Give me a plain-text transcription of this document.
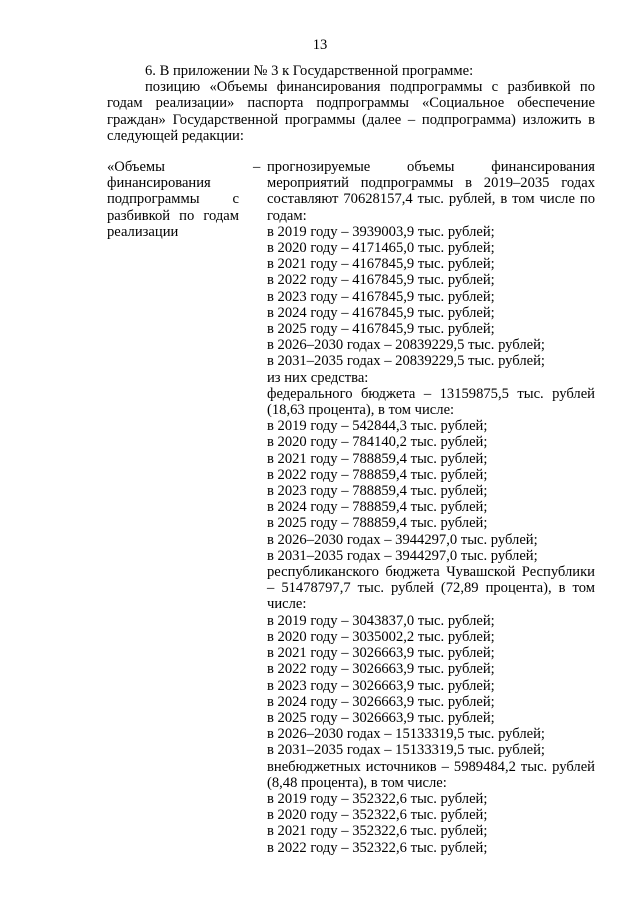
13

6. В приложении № 3 к Государственной программе:

позицию «Объемы финансирования подпрограммы с разбивкой по годам реализации» паспорта подпрограммы «Социальное обеспечение граждан» Государственной программы (далее – подпрограмма) изложить в следующей редакции:

«Объемы финансирования подпрограммы с разбивкой по годам реализации
– прогнозируемые объемы финансирования мероприятий подпрограммы в 2019–2035 годах составляют 70628157,4 тыс. рублей, в том числе по годам:
в 2019 году – 3939003,9 тыс. рублей;
в 2020 году – 4171465,0 тыс. рублей;
в 2021 году – 4167845,9 тыс. рублей;
в 2022 году – 4167845,9 тыс. рублей;
в 2023 году – 4167845,9 тыс. рублей;
в 2024 году – 4167845,9 тыс. рублей;
в 2025 году – 4167845,9 тыс. рублей;
в 2026–2030 годах – 20839229,5 тыс. рублей;
в 2031–2035 годах – 20839229,5 тыс. рублей;
из них средства:
федерального бюджета – 13159875,5 тыс. рублей (18,63 процента), в том числе:
в 2019 году – 542844,3 тыс. рублей;
в 2020 году – 784140,2 тыс. рублей;
в 2021 году – 788859,4 тыс. рублей;
в 2022 году – 788859,4 тыс. рублей;
в 2023 году – 788859,4 тыс. рублей;
в 2024 году – 788859,4 тыс. рублей;
в 2025 году – 788859,4 тыс. рублей;
в 2026–2030 годах – 3944297,0 тыс. рублей;
в 2031–2035 годах – 3944297,0 тыс. рублей;
республиканского бюджета Чувашской Республики – 51478797,7 тыс. рублей (72,89 процента), в том числе:
в 2019 году – 3043837,0 тыс. рублей;
в 2020 году – 3035002,2 тыс. рублей;
в 2021 году – 3026663,9 тыс. рублей;
в 2022 году – 3026663,9 тыс. рублей;
в 2023 году – 3026663,9 тыс. рублей;
в 2024 году – 3026663,9 тыс. рублей;
в 2025 году – 3026663,9 тыс. рублей;
в 2026–2030 годах – 15133319,5 тыс. рублей;
в 2031–2035 годах – 15133319,5 тыс. рублей;
внебюджетных источников – 5989484,2 тыс. рублей (8,48 процента), в том числе:
в 2019 году – 352322,6 тыс. рублей;
в 2020 году – 352322,6 тыс. рублей;
в 2021 году – 352322,6 тыс. рублей;
в 2022 году – 352322,6 тыс. рублей;
